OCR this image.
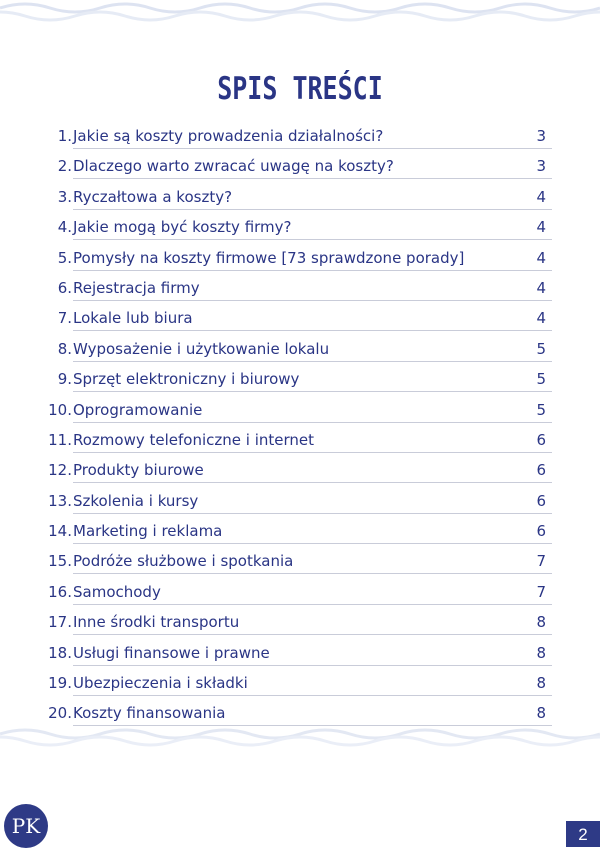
SPIS TREŚCI
1. Jakie są koszty prowadzenia działalności?	3
2. Dlaczego warto zwracać uwagę na koszty?	3
3. Ryczałtowa a koszty?	4
4. Jakie mogą być koszty firmy?	4
5. Pomysły na koszty firmowe [73 sprawdzone porady]	4
6. Rejestracja firmy	4
7. Lokale lub biura	4
8. Wyposażenie i użytkowanie lokalu	5
9. Sprzęt elektroniczny i biurowy	5
10. Oprogramowanie	5
11. Rozmowy telefoniczne i internet	6
12. Produkty biurowe	6
13. Szkolenia i kursy	6
14. Marketing i reklama	6
15. Podróże służbowe i spotkania	7
16. Samochody	7
17. Inne środki transportu	8
18. Usługi finansowe i prawne	8
19. Ubezpieczenia i składki	8
20. Koszty finansowania	8
PK	2
